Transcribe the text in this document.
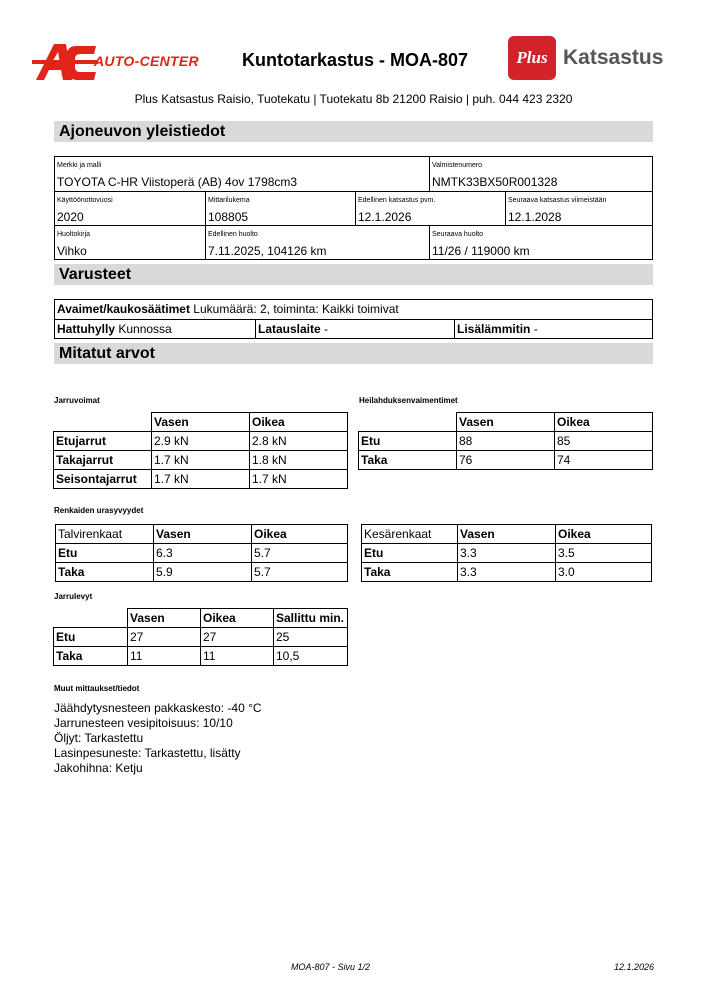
AUTO-CENTER Kuntotarkastus - MOA-807	Plus Katsastus
Plus Katsastus Raisio, Tuotekatu | Tuotekatu 8b 21200 Raisio | puh. 044 423 2320
Ajoneuvon yleistiedot
Merkki ja malli
TOYOTA C-HR Viistoperä (AB) 4ov 1798cm3
Valmistenumero
NMTK33BX50R001328
Käyttöönottovuosi
2020
Mittarilukema
108805
Edellinen katsastus pvm.
12.1.2026
Seuraava katsastus viimeistään
12.1.2028
Huoltokirja
Vihko
Edellinen huolto
7.11.2025, 104126 km
Seuraava huolto
11/26 / 119000 km
Varusteet
Avaimet/kaukosäätimet Lukumäärä: 2, toiminta: Kaikki toimivat
Hattuhylly Kunnossa	Latauslaite -	Lisälämmitin -
Mitatut arvot
Jarruvoimat
	Vasen	Oikea
Etujarrut	2.9 kN	2.8 kN
Takajarrut	1.7 kN	1.8 kN
Seisontajarrut	1.7 kN	1.7 kN
Heilahduksenvaimentimet
	Vasen	Oikea
Etu	88	85
Taka	76	74
Renkaiden urasyvyydet
Talvirenkaat	Vasen	Oikea
Etu	6.3	5.7
Taka	5.9	5.7
Kesärenkaat	Vasen	Oikea
Etu	3.3	3.5
Taka	3.3	3.0
Jarrulevyt
	Vasen	Oikea	Sallittu min.
Etu	27	27	25
Taka	11	11	10,5
Muut mittaukset/tiedot
Jäähdytysnesteen pakkaskesto: -40 °C
Jarrunesteen vesipitoisuus: 10/10
Öljyt: Tarkastettu
Lasinpesuneste: Tarkastettu, lisätty
Jakohihna: Ketju
MOA-807 - Sivu 1/2	12.1.2026
